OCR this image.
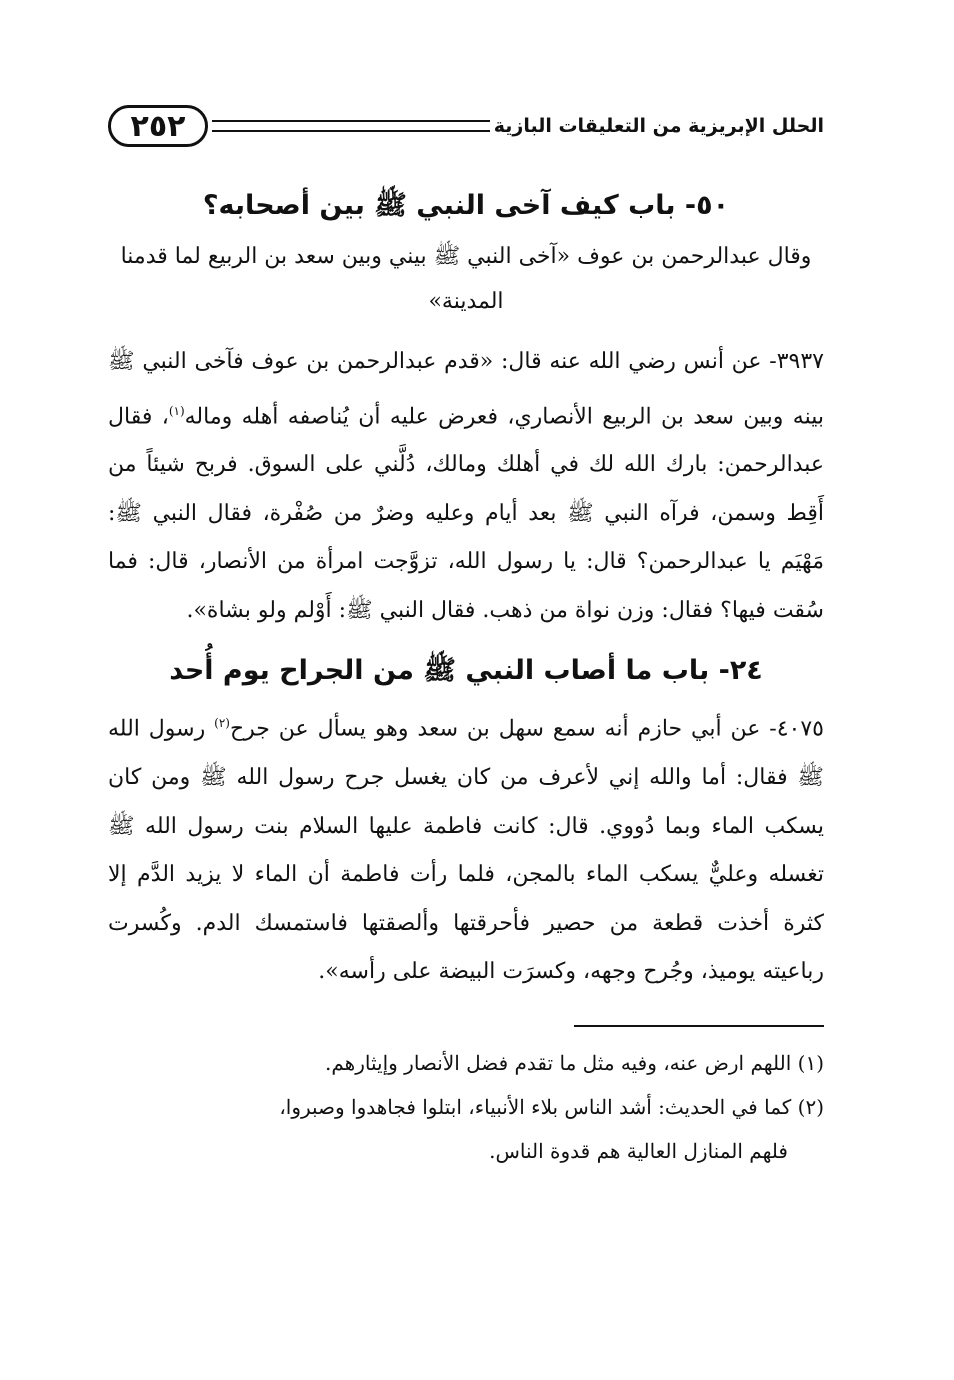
الحلل الإبريزية من التعليقات البازية
٢٥٢
٥٠- باب كيف آخى النبي ﷺ بين أصحابه؟

وقال عبدالرحمن بن عوف «آخى النبي ﷺ بيني وبين سعد بن الربيع لما قدمنا المدينة»

٣٩٣٧- عن أنس رضي الله عنه قال: «قدم عبدالرحمن بن عوف فآخى النبي ﷺ بينه وبين سعد بن الربيع الأنصاري، فعرض عليه أن يُناصفه أهله وماله$^{(١)}$، فقال عبدالرحمن: بارك الله لك في أهلك ومالك، دُلَّني على السوق. فربح شيئاً من أَقِط وسمن، فرآه النبي ﷺ بعد أيام وعليه وضرٌ من صُفْرة، فقال النبي ﷺ: مَهْيَم يا عبدالرحمن؟ قال: يا رسول الله، تزوَّجت امرأة من الأنصار، قال: فما سُقت فيها؟ فقال: وزن نواة من ذهب. فقال النبي ﷺ: أَوْلم ولو بشاة».

٢٤- باب ما أصاب النبي ﷺ من الجراح يوم أُحد

٤٠٧٥- عن أبي حازم أنه سمع سهل بن سعد وهو يسأل عن جرح$^{(٢)}$ رسول الله ﷺ فقال: أما والله إني لأعرف من كان يغسل جرح رسول الله ﷺ ومن كان يسكب الماء وبما دُووي. قال: كانت فاطمة عليها السلام بنت رسول الله ﷺ تغسله وعليٌّ يسكب الماء بالمجن، فلما رأت فاطمة أن الماء لا يزيد الدَّم إلا كثرة أخذت قطعة من حصير فأحرقتها وألصقتها فاستمسك الدم. وكُسرت رباعيته يوميذ، وجُرح وجهه، وكسرَت البيضة على رأسه».

(١) اللهم ارض عنه، وفيه مثل ما تقدم فضل الأنصار وإيثارهم.

(٢) كما في الحديث: أشد الناس بلاء الأنبياء، ابتلوا فجاهدوا وصبروا،

فلهم المنازل العالية هم قدوة الناس.
